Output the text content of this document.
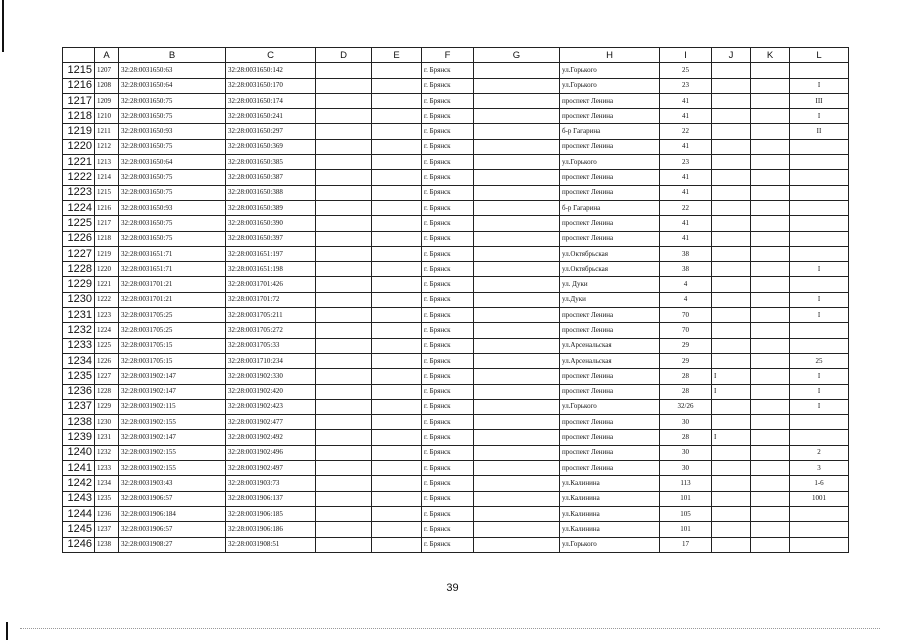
	A	B	C	D	E	F	G	H	I	J	K	L
1215	1207	32:28:0031650:63	32:28:0031650:142			г. Брянск		ул.Горького	25			
1216	1208	32:28:0031650:64	32:28:0031650:170			г. Брянск		ул.Горького	23			I
1217	1209	32:28:0031650:75	32:28:0031650:174			г. Брянск		проспект Ленина	41			III
1218	1210	32:28:0031650:75	32:28:0031650:241			г. Брянск		проспект Ленина	41			I
1219	1211	32:28:0031650:93	32:28:0031650:297			г. Брянск		б-р Гагарина	22			II
1220	1212	32:28:0031650:75	32:28:0031650:369			г. Брянск		проспект Ленина	41			
1221	1213	32:28:0031650:64	32:28:0031650:385			г. Брянск		ул.Горького	23			
1222	1214	32:28:0031650:75	32:28:0031650:387			г. Брянск		проспект Ленина	41			
1223	1215	32:28:0031650:75	32:28:0031650:388			г. Брянск		проспект Ленина	41			
1224	1216	32:28:0031650:93	32:28:0031650:389			г. Брянск		б-р Гагарина	22			
1225	1217	32:28:0031650:75	32:28:0031650:390			г. Брянск		проспект Ленина	41			
1226	1218	32:28:0031650:75	32:28:0031650:397			г. Брянск		проспект Ленина	41			
1227	1219	32:28:0031651:71	32:28:0031651:197			г. Брянск		ул.Октябрьская	38			
1228	1220	32:28:0031651:71	32:28:0031651:198			г. Брянск		ул.Октябрьская	38			I
1229	1221	32:28:0031701:21	32:28:0031701:426			г. Брянск		ул. Дуки	4			
1230	1222	32:28:0031701:21	32:28:0031701:72			г. Брянск		ул.Дуки	4			I
1231	1223	32:28:0031705:25	32:28:0031705:211			г. Брянск		проспект Ленина	70			I
1232	1224	32:28:0031705:25	32:28:0031705:272			г. Брянск		проспект Ленина	70			
1233	1225	32:28:0031705:15	32:28:0031705:33			г. Брянск		ул.Арсенальская	29			
1234	1226	32:28:0031705:15	32:28:0031710:234			г. Брянск		ул.Арсенальская	29			25
1235	1227	32:28:0031902:147	32:28:0031902:330			г. Брянск		проспект Ленина	28	I		I
1236	1228	32:28:0031902:147	32:28:0031902:420			г. Брянск		проспект Ленина	28	I		I
1237	1229	32:28:0031902:115	32:28:0031902:423			г. Брянск		ул.Горького	32/26			I
1238	1230	32:28:0031902:155	32:28:0031902:477			г. Брянск		проспект Ленина	30			
1239	1231	32:28:0031902:147	32:28:0031902:492			г. Брянск		проспект Ленина	28	I		
1240	1232	32:28:0031902:155	32:28:0031902:496			г. Брянск		проспект Ленина	30			2
1241	1233	32:28:0031902:155	32:28:0031902:497			г. Брянск		проспект Ленина	30			3
1242	1234	32:28:0031903:43	32:28:0031903:73			г. Брянск		ул.Калинина	113			1-6
1243	1235	32:28:0031906:57	32:28:0031906:137			г. Брянск		ул.Калинина	101			1001
1244	1236	32:28:0031906:184	32:28:0031906:185			г. Брянск		ул.Калинина	105			
1245	1237	32:28:0031906:57	32:28:0031906:186			г. Брянск		ул.Калинина	101			
1246	1238	32:28:0031908:27	32:28:0031908:51			г. Брянск		ул.Горького	17			
39
